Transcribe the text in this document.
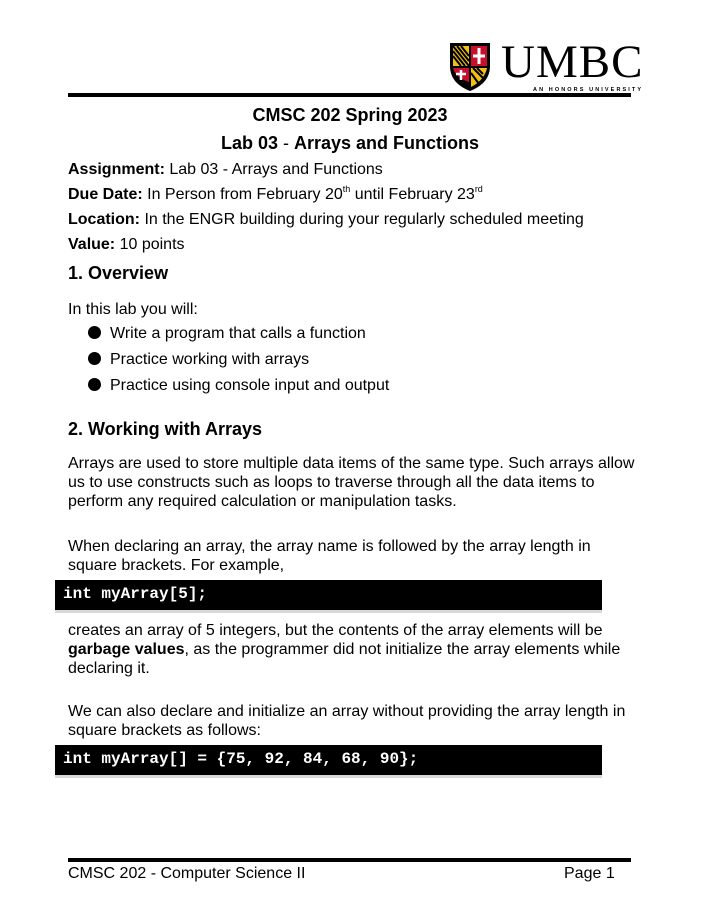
UMBC
AN HONORS UNIVERSITY
CMSC 202 Spring 2023
Lab 03 - Arrays and Functions
Assignment: Lab 03 - Arrays and Functions
Due Date: In Person from February 20th until February 23rd
Location: In the ENGR building during your regularly scheduled meeting
Value: 10 points
1. Overview
In this lab you will:
Write a program that calls a function
Practice working with arrays
Practice using console input and output
2. Working with Arrays
Arrays are used to store multiple data items of the same type. Such arrays allow us to use constructs such as loops to traverse through all the data items to perform any required calculation or manipulation tasks.
When declaring an array, the array name is followed by the array length in square brackets. For example,
int myArray[5];
creates an array of 5 integers, but the contents of the array elements will be garbage values, as the programmer did not initialize the array elements while declaring it.
We can also declare and initialize an array without providing the array length in square brackets as follows:
int myArray[] = {75, 92, 84, 68, 90};
CMSC 202 - Computer Science II	Page 1
